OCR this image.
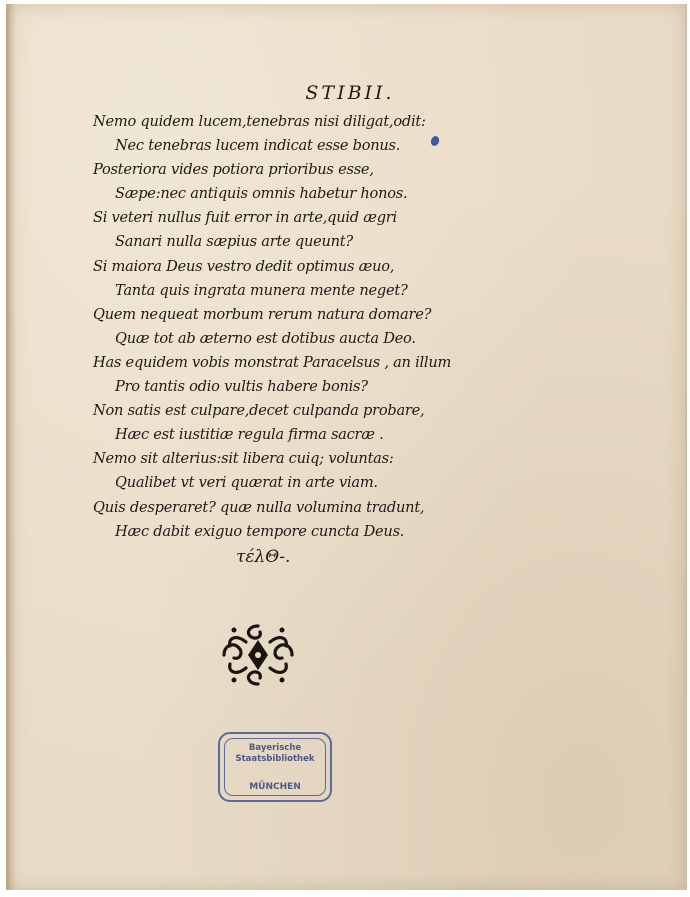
STIBII.
Nemo quidem lucem,tenebras nisi diligat,odit:
Nec tenebras lucem indicat esse bonus.
Posteriora vides potiora prioribus esse,
Sæpe:nec antiquis omnis habetur honos.
Si veteri nullus fuit error in arte,quid ægri
Sanari nulla sæpius arte queunt?
Si maiora Deus vestro dedit optimus æuo,
Tanta quis ingrata munera mente neget?
Quem nequeat morbum rerum natura domare?
Quæ tot ab æterno est dotibus aucta Deo.
Has equidem vobis monstrat Paracelsus , an illum
Pro tantis odio vultis habere bonis?
Non satis est culpare,decet culpanda probare,
Hæc est iustitiæ regula firma sacræ .
Nemo sit alterius:sit libera cuiq; voluntas:
Qualibet vt veri quærat in arte viam.
Quis desperaret? quæ nulla volumina tradunt,
Hæc dabit exiguo tempore cuncta Deus.
τέλΘ-.
Bayerische
Staatsbibliothek
MÜNCHEN
